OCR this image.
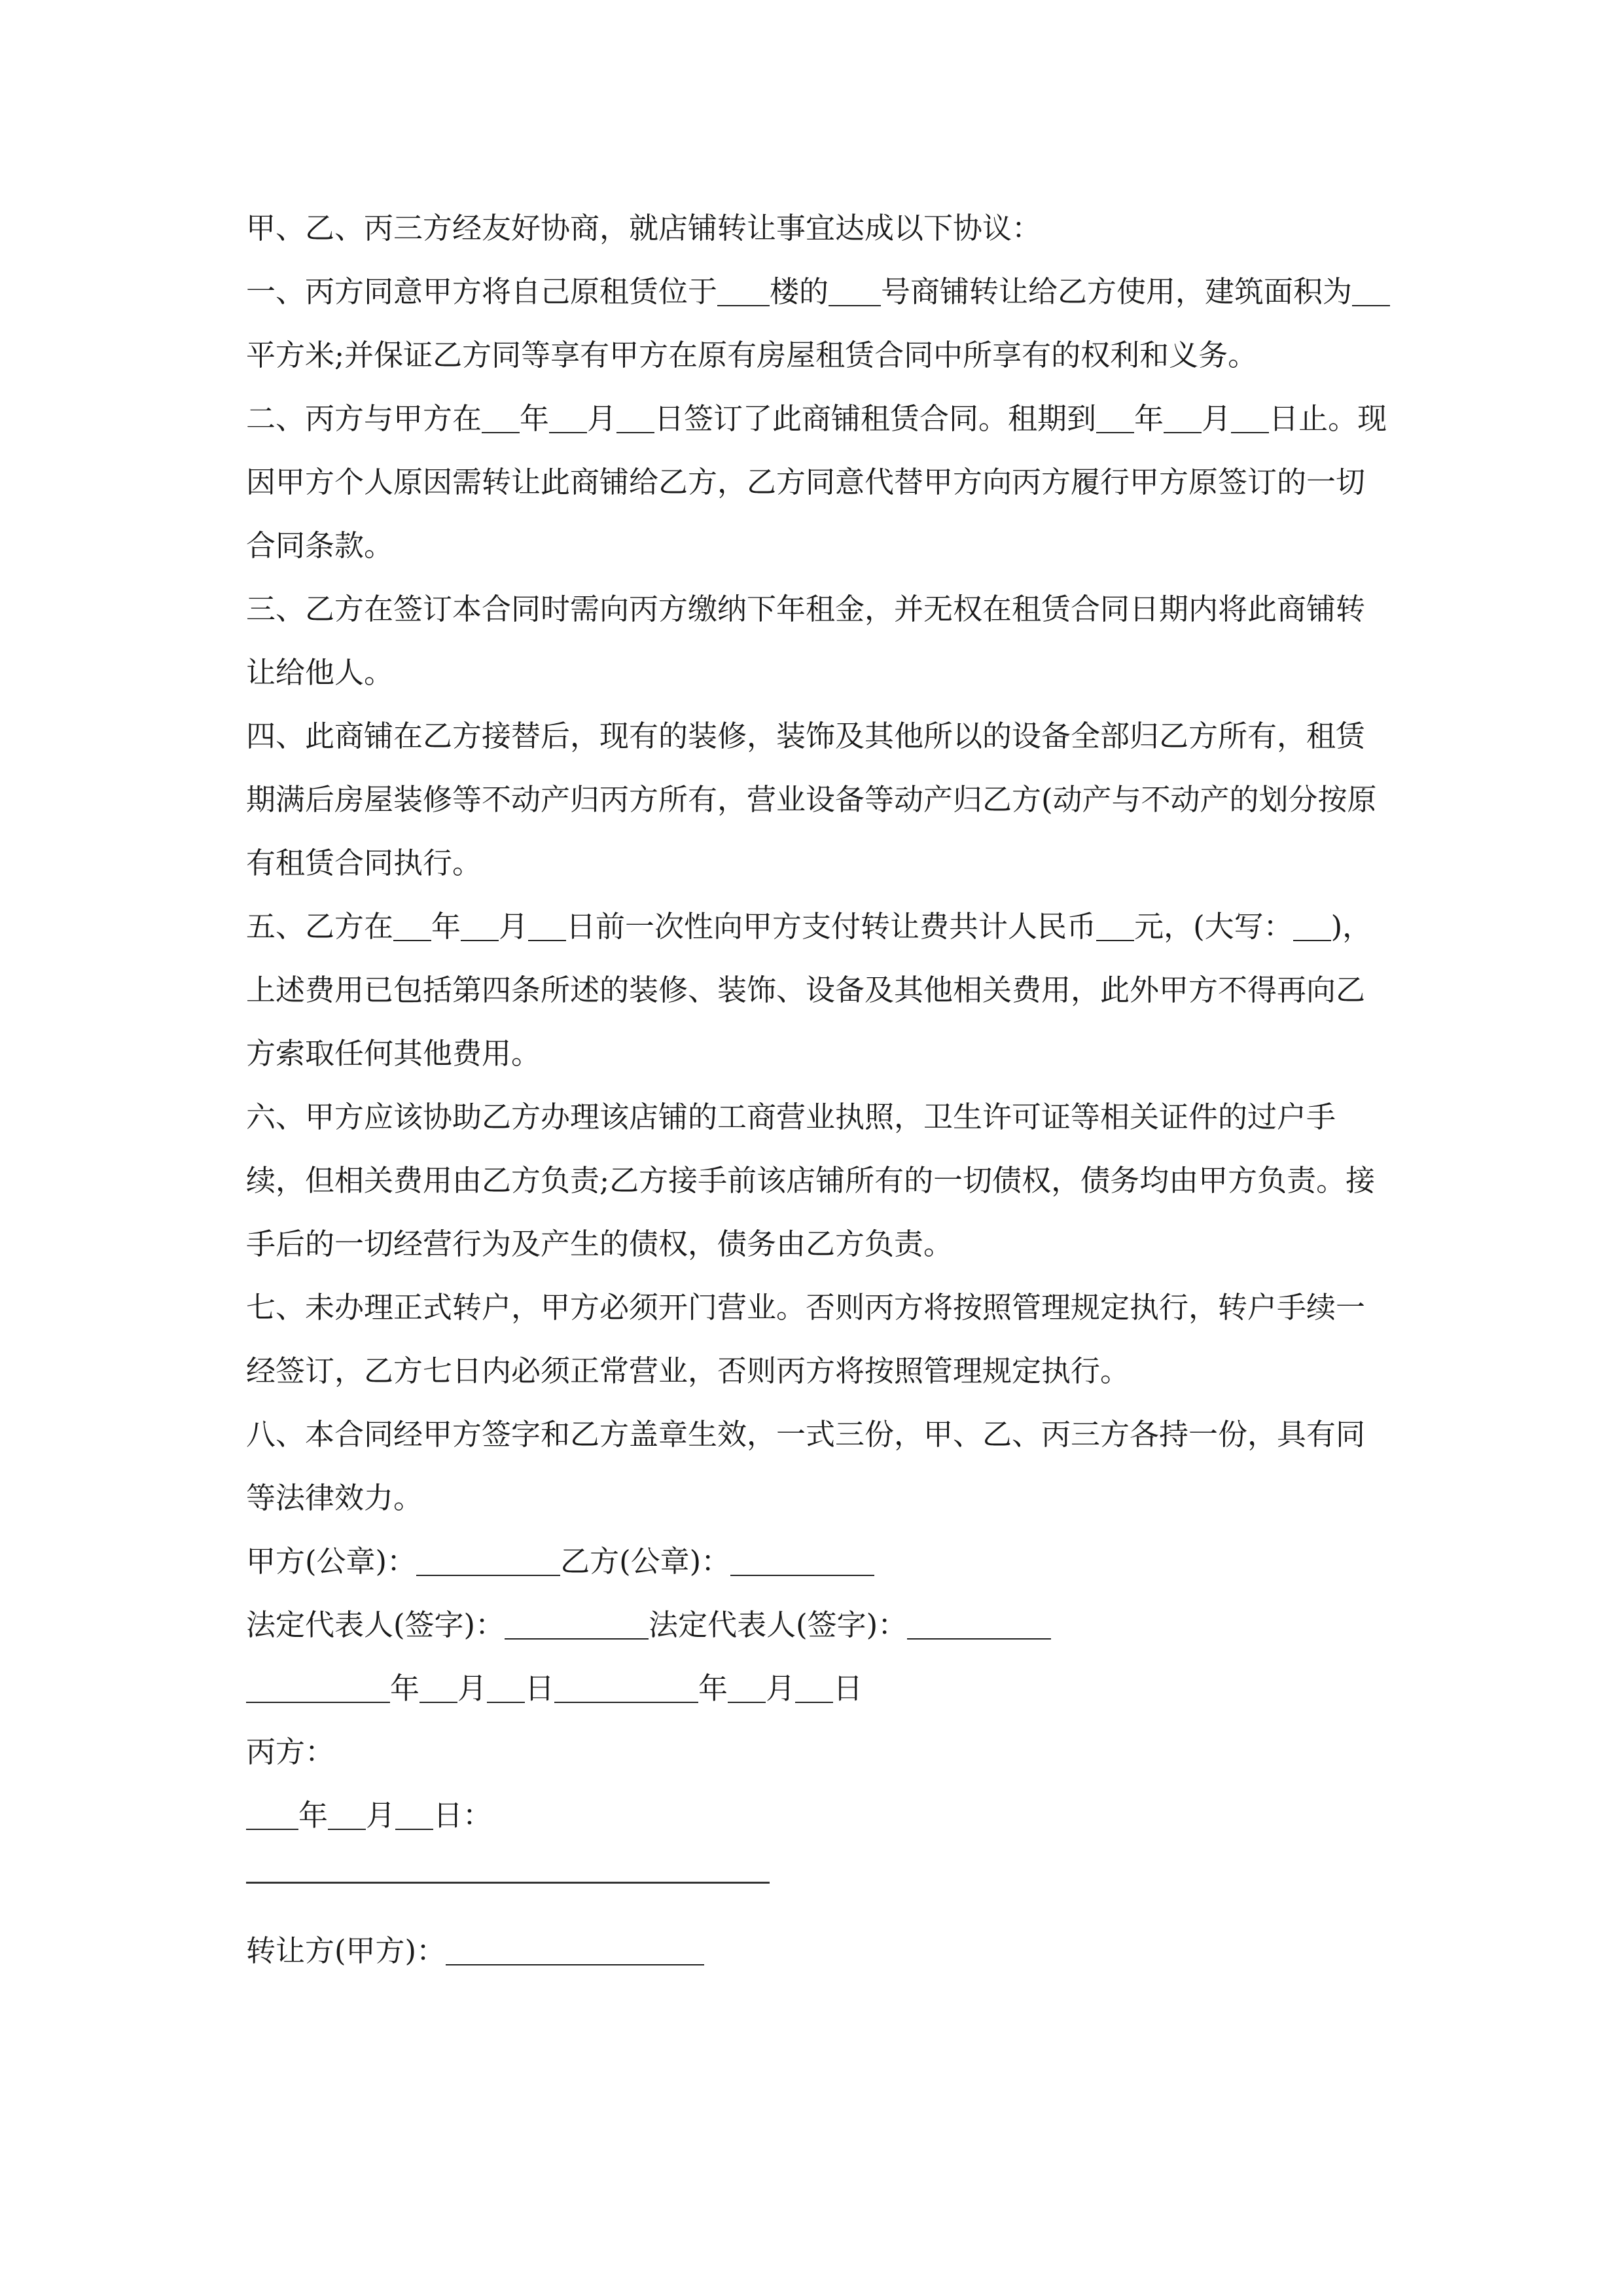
甲、乙、丙三方经友好协商，就店铺转让事宜达成以下协议：

一、丙方同意甲方将自己原租赁位于 楼的 号商铺转让给乙方使用，建筑面积为平方米;并保证乙方同等享有甲方在原有房屋租赁合同中所享有的权利和义务。

二、丙方与甲方在 年 月 日签订了此商铺租赁合同。租期到 年 月 日止。现因甲方个人原因需转让此商铺给乙方，乙方同意代替甲方向丙方履行甲方原签订的一切合同条款。

三、乙方在签订本合同时需向丙方缴纳下年租金，并无权在租赁合同日期内将此商铺转让给他人。

四、此商铺在乙方接替后，现有的装修，装饰及其他所以的设备全部归乙方所有，租赁期满后房屋装修等不动产归丙方所有，营业设备等动产归乙方(动产与不动产的划分按原有租赁合同执行。

五、乙方在 年 月 日前一次性向甲方支付转让费共计人民币 元，(大写： )，上述费用已包括第四条所述的装修、装饰、设备及其他相关费用，此外甲方不得再向乙方索取任何其他费用。

六、甲方应该协助乙方办理该店铺的工商营业执照，卫生许可证等相关证件的过户手续，但相关费用由乙方负责;乙方接手前该店铺所有的一切债权，债务均由甲方负责。接手后的一切经营行为及产生的债权，债务由乙方负责。

七、未办理正式转户，甲方必须开门营业。否则丙方将按照管理规定执行，转户手续一经签订，乙方七日内必须正常营业，否则丙方将按照管理规定执行。

八、本合同经甲方签字和乙方盖章生效，一式三份，甲、乙、丙三方各持一份，具有同等法律效力。

甲方(公章)：	乙方(公章)：

法定代表人(签字)：	法定代表人(签字)：

年 月 日	年 月 日

丙方：

年 月 日：

转让方(甲方)：
